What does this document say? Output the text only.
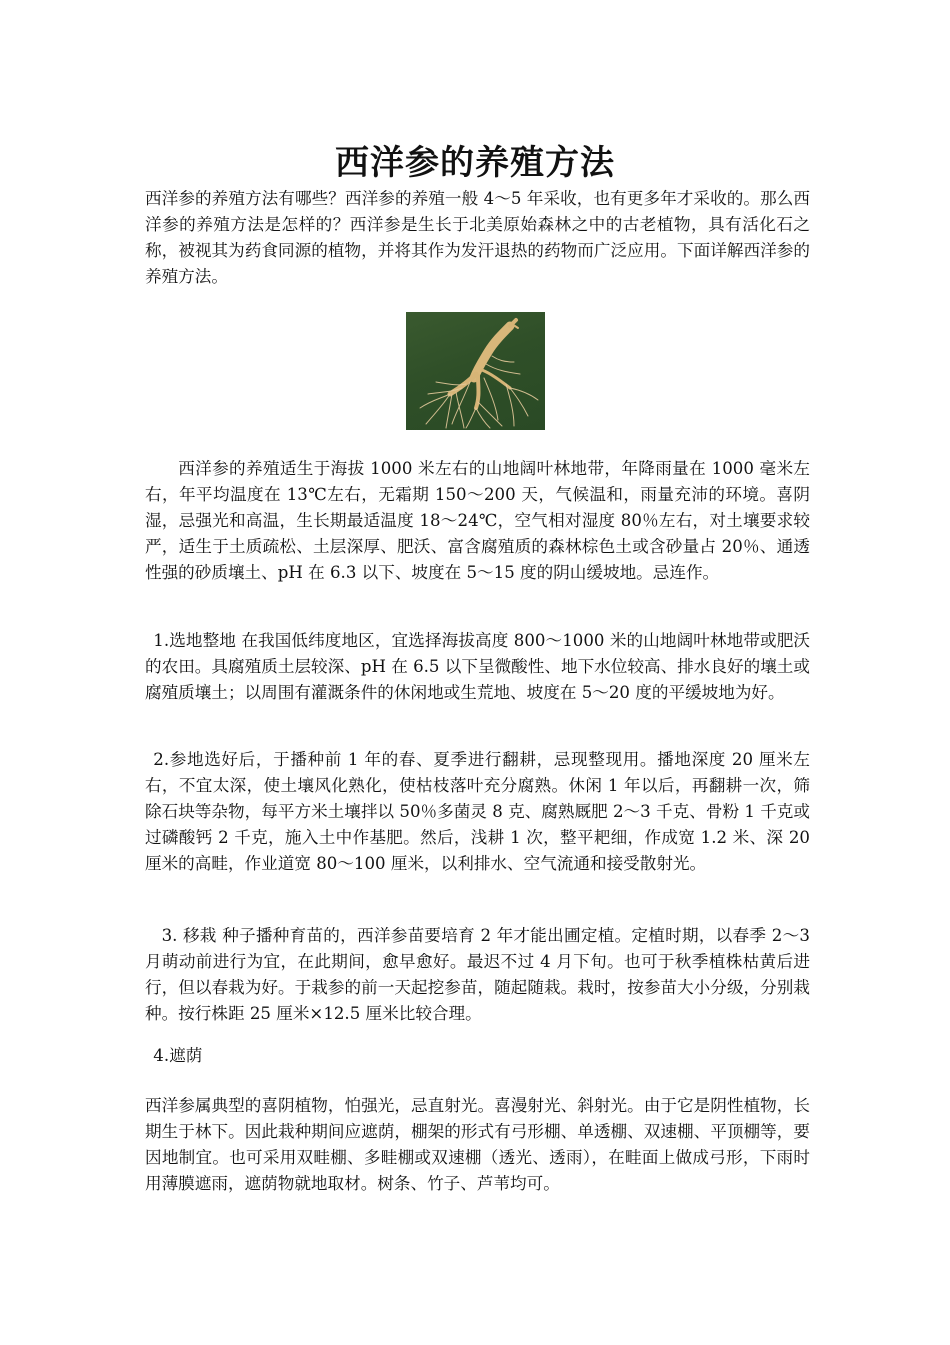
西洋参的养殖方法

西洋参的养殖方法有哪些？西洋参的养殖一般 4～5 年采收，也有更多年才采收的。那么西洋参的养殖方法是怎样的？西洋参是生长于北美原始森林之中的古老植物，具有活化石之称，被视其为药食同源的植物，并将其作为发汗退热的药物而广泛应用。下面详解西洋参的养殖方法。

西洋参的养殖适生于海拔 1000 米左右的山地阔叶林地带，年降雨量在 1000 毫米左右，年平均温度在 13℃左右，无霜期 150～200 天，气候温和，雨量充沛的环境。喜阴湿，忌强光和高温，生长期最适温度 18～24℃，空气相对湿度 80％左右，对土壤要求较严，适生于土质疏松、土层深厚、肥沃、富含腐殖质的森林棕色土或含砂量占 20％、通透性强的砂质壤土、pH 在 6.3 以下、坡度在 5～15 度的阴山缓坡地。忌连作。

1.选地整地 在我国低纬度地区，宜选择海拔高度 800～1000 米的山地阔叶林地带或肥沃的农田。具腐殖质土层较深、pH 在 6.5 以下呈微酸性、地下水位较高、排水良好的壤土或腐殖质壤土；以周围有灌溉条件的休闲地或生荒地、坡度在 5～20 度的平缓坡地为好。

2.参地选好后，于播种前 1 年的春、夏季进行翻耕，忌现整现用。播地深度 20 厘米左右，不宜太深，使土壤风化熟化，使枯枝落叶充分腐熟。休闲 1 年以后，再翻耕一次，筛除石块等杂物，每平方米土壤拌以 50％多菌灵 8 克、腐熟厩肥 2～3 千克、骨粉 1 千克或过磷酸钙 2 千克，施入土中作基肥。然后，浅耕 1 次，整平耙细，作成宽 1.2 米、深 20 厘米的高畦，作业道宽 80～100 厘米，以利排水、空气流通和接受散射光。

3. 移栽 种子播种育苗的，西洋参苗要培育 2 年才能出圃定植。定植时期，以春季 2～3 月萌动前进行为宜，在此期间，愈早愈好。最迟不过 4 月下旬。也可于秋季植株枯黄后进行，但以春栽为好。于栽参的前一天起挖参苗，随起随栽。栽时，按参苗大小分级，分别栽种。按行株距 25 厘米×12.5 厘米比较合理。

4.遮荫

西洋参属典型的喜阴植物，怕强光，忌直射光。喜漫射光、斜射光。由于它是阴性植物，长期生于林下。因此栽种期间应遮荫，棚架的形式有弓形棚、单透棚、双速棚、平顶棚等，要因地制宜。也可采用双畦棚、多畦棚或双速棚（透光、透雨），在畦面上做成弓形，下雨时用薄膜遮雨，遮荫物就地取材。树条、竹子、芦苇均可。
